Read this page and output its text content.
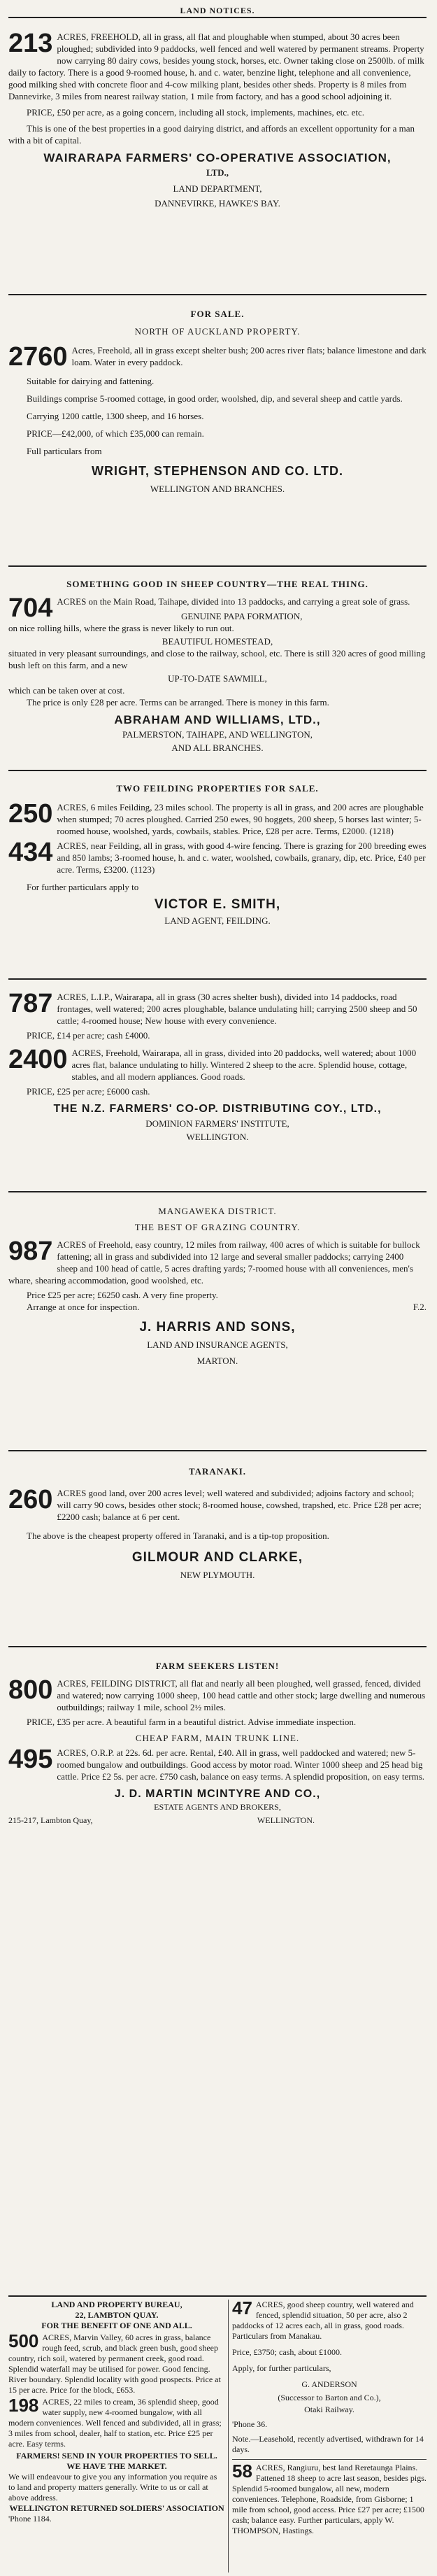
LAND NOTICES.

213 ACRES, FREEHOLD, all in grass, all flat and ploughable when stumped, about 30 acres been ploughed; subdivided into 9 paddocks, well fenced and well watered by permanent streams. Property now carrying 80 dairy cows, besides young stock, horses, etc. Owner taking close on 2500lb. of milk daily to factory. There is a good 9-roomed house, h. and c. water, benzine light, telephone and all convenience, good milking shed with concrete floor and 4-cow milking plant, besides other sheds. Property is 8 miles from Dannevirke, 3 miles from nearest railway station, 1 mile from factory, and has a good school adjoining it.

PRICE, £50 per acre, as a going concern, including all stock, implements, machines, etc. etc.

This is one of the best properties in a good dairying district, and affords an excellent opportunity for a man with a bit of capital.

WAIRARAPA FARMERS' CO-OPERATIVE ASSOCIATION,

LTD.,

LAND DEPARTMENT,

DANNEVIRKE, HAWKE'S BAY.

FOR SALE.

NORTH OF AUCKLAND PROPERTY.

2760 Acres, Freehold, all in grass except shelter bush; 200 acres river flats; balance limestone and dark loam. Water in every paddock.

Suitable for dairying and fattening.

Buildings comprise 5-roomed cottage, in good order, woolshed, dip, and several sheep and cattle yards.

Carrying 1200 cattle, 1300 sheep, and 16 horses.

PRICE—£42,000, of which £35,000 can remain.

Full particulars from

WRIGHT, STEPHENSON AND CO. LTD.

WELLINGTON AND BRANCHES.

SOMETHING GOOD IN SHEEP COUNTRY—THE REAL THING.

704 ACRES on the Main Road, Taihape, divided into 13 paddocks, and carrying a great sole of grass.

GENUINE PAPA FORMATION,

on nice rolling hills, where the grass is never likely to run out.

BEAUTIFUL HOMESTEAD,

situated in very pleasant surroundings, and close to the railway, school, etc. There is still 320 acres of good milling bush left on this farm, and a new

UP-TO-DATE SAWMILL,

which can be taken over at cost.

The price is only £28 per acre. Terms can be arranged. There is money in this farm.

ABRAHAM AND WILLIAMS, LTD.,

PALMERSTON, TAIHAPE, AND WELLINGTON,

AND ALL BRANCHES.

TWO FEILDING PROPERTIES FOR SALE.

250 ACRES, 6 miles Feilding, 23 miles school. The property is all in grass, and 200 acres are ploughable when stumped; 70 acres ploughed. Carried 250 ewes, 90 hoggets, 200 sheep, 5 horses last winter; 5-roomed house, woolshed, yards, cowbails, stables. Price, £28 per acre. Terms, £2000. (1218)

434 ACRES, near Feilding, all in grass, with good 4-wire fencing. There is grazing for 200 breeding ewes and 850 lambs; 3-roomed house, h. and c. water, woolshed, cowbails, granary, dip, etc. Price, £40 per acre. Terms, £3200. (1123)

For further particulars apply to

VICTOR E. SMITH,

LAND AGENT, FEILDING.

787 ACRES, L.I.P., Wairarapa, all in grass (30 acres shelter bush), divided into 14 paddocks, road frontages, well watered; 200 acres ploughable, balance undulating hill; carrying 2500 sheep and 50 cattle; 4-roomed house; New house with every convenience.

PRICE, £14 per acre; cash £4000.

2400 ACRES, Freehold, Wairarapa, all in grass, divided into 20 paddocks, well watered; about 1000 acres flat, balance undulating to hilly. Wintered 2 sheep to the acre. Splendid house, cottage, stables, and all modern appliances. Good roads.

PRICE, £25 per acre; £6000 cash.

THE N.Z. FARMERS' CO-OP. DISTRIBUTING COY., LTD.,

DOMINION FARMERS' INSTITUTE,

WELLINGTON.

MANGAWEKA DISTRICT.

THE BEST OF GRAZING COUNTRY.

987 ACRES of Freehold, easy country, 12 miles from railway, 400 acres of which is suitable for bullock fattening; all in grass and subdivided into 12 large and several smaller paddocks; carrying 2400 sheep and 100 head of cattle, 5 acres drafting yards; 7-roomed house with all conveniences, men's whare, shearing accommodation, good woolshed, etc.

Price £25 per acre; £6250 cash. A very fine property.

Arrange at once for inspection.	F.2.

J. HARRIS AND SONS,

LAND AND INSURANCE AGENTS,

MARTON.

TARANAKI.

260 ACRES good land, over 200 acres level; well watered and subdivided; adjoins factory and school; will carry 90 cows, besides other stock; 8-roomed house, cowshed, trapshed, etc. Price £28 per acre; £2200 cash; balance at 6 per cent.

The above is the cheapest property offered in Taranaki, and is a tip-top proposition.

GILMOUR AND CLARKE,

NEW PLYMOUTH.

FARM SEEKERS LISTEN!

800 ACRES, FEILDING DISTRICT, all flat and nearly all been ploughed, well grassed, fenced, divided and watered; now carrying 1000 sheep, 100 head cattle and other stock; large dwelling and numerous outbuildings; railway 1 mile, school 2½ miles.

PRICE, £35 per acre. A beautiful farm in a beautiful district. Advise immediate inspection.

CHEAP FARM, MAIN TRUNK LINE.

495 ACRES, O.R.P. at 22s. 6d. per acre. Rental, £40. All in grass, well paddocked and watered; new 5-roomed bungalow and outbuildings. Good access by motor road. Winter 1000 sheep and 25 head big cattle. Price £2 5s. per acre. £750 cash, balance on easy terms. A splendid proposition, on easy terms.

J. D. MARTIN MCINTYRE AND CO.,

ESTATE AGENTS AND BROKERS,

215-217, Lambton Quay,	WELLINGTON.

LAND AND PROPERTY BUREAU,

22, LAMBTON QUAY.

FOR THE BENEFIT OF ONE AND ALL.

500 ACRES, Marvin Valley, 60 acres in grass, balance rough feed, scrub, and black green bush, good sheep country, rich soil, watered by permanent creek, good road. Splendid waterfall may be utilised for power. Good fencing. River boundary. Splendid locality with good prospects. Price at 15 per acre. Price for the block, £653.

198 ACRES, 22 miles to cream, 36 splendid sheep, good water supply, new 4-roomed bungalow, with all modern conveniences. Well fenced and subdivided, all in grass; 3 miles from school, dealer, half to station, etc. Price £25 per acre. Easy terms.

FARMERS! SEND IN YOUR PROPERTIES TO SELL.

WE HAVE THE MARKET.

We will endeavour to give you any information you require as to land and property matters generally. Write to us or call at above address.

WELLINGTON RETURNED SOLDIERS' ASSOCIATION

'Phone 1184.

47 ACRES, good sheep country, well watered and fenced, splendid situation, 50 per acre, also 2 paddocks of 12 acres each, all in grass, good roads. Particulars from Manakau.

Price, £3750; cash, about £1000.

Apply, for further particulars,

G. ANDERSON

(Successor to Barton and Co.),

Otaki Railway.

'Phone 36.

Note.—Leasehold, recently advertised, withdrawn for 14 days.

58 ACRES, Rangiuru, best land Reretaunga Plains. Fattened 18 sheep to acre last season, besides pigs. Splendid 5-roomed bungalow, all new, modern conveniences. Telephone, Roadside, from Gisborne; 1 mile from school, good access. Price £27 per acre; £1500 cash; balance easy. Further particulars, apply W. THOMPSON, Hastings.
